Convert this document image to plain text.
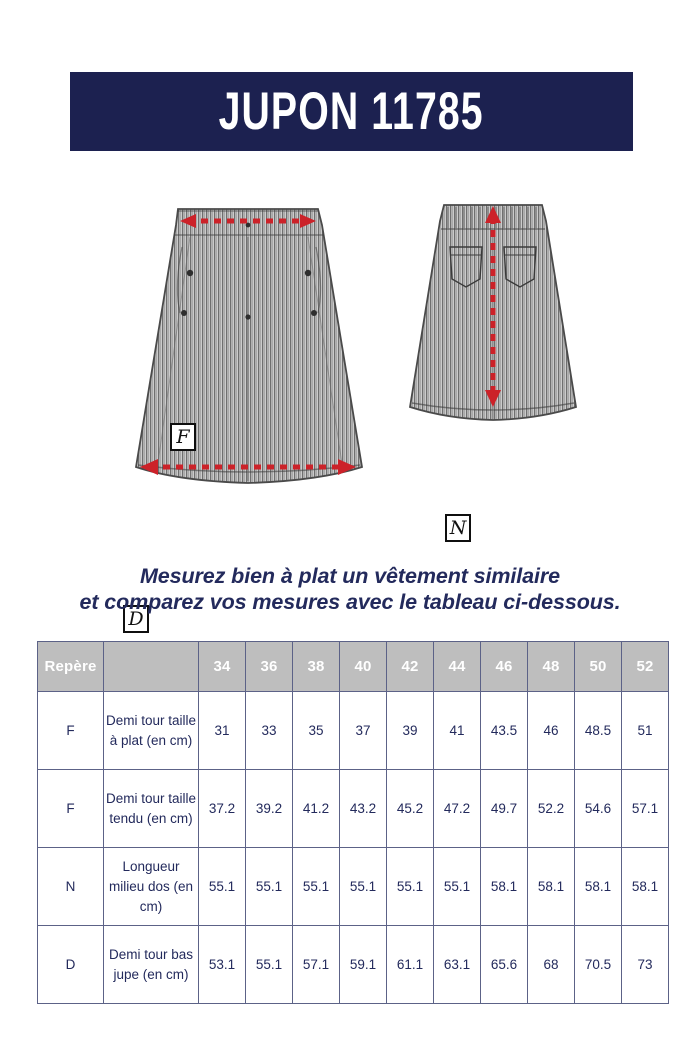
JUPON 11785
F
D
N
Mesurez bien à plat un vêtement similaire
et comparez vos mesures avec le tableau ci-dessous.
Repère		34	36	38	40	42	44	46	48	50	52
F	Demi tour taille à plat (en cm)	31	33	35	37	39	41	43.5	46	48.5	51
F	Demi tour taille tendu (en cm)	37.2	39.2	41.2	43.2	45.2	47.2	49.7	52.2	54.6	57.1
N	Longueur milieu dos (en cm)	55.1	55.1	55.1	55.1	55.1	55.1	58.1	58.1	58.1	58.1
D	Demi tour bas jupe (en cm)	53.1	55.1	57.1	59.1	61.1	63.1	65.6	68	70.5	73
